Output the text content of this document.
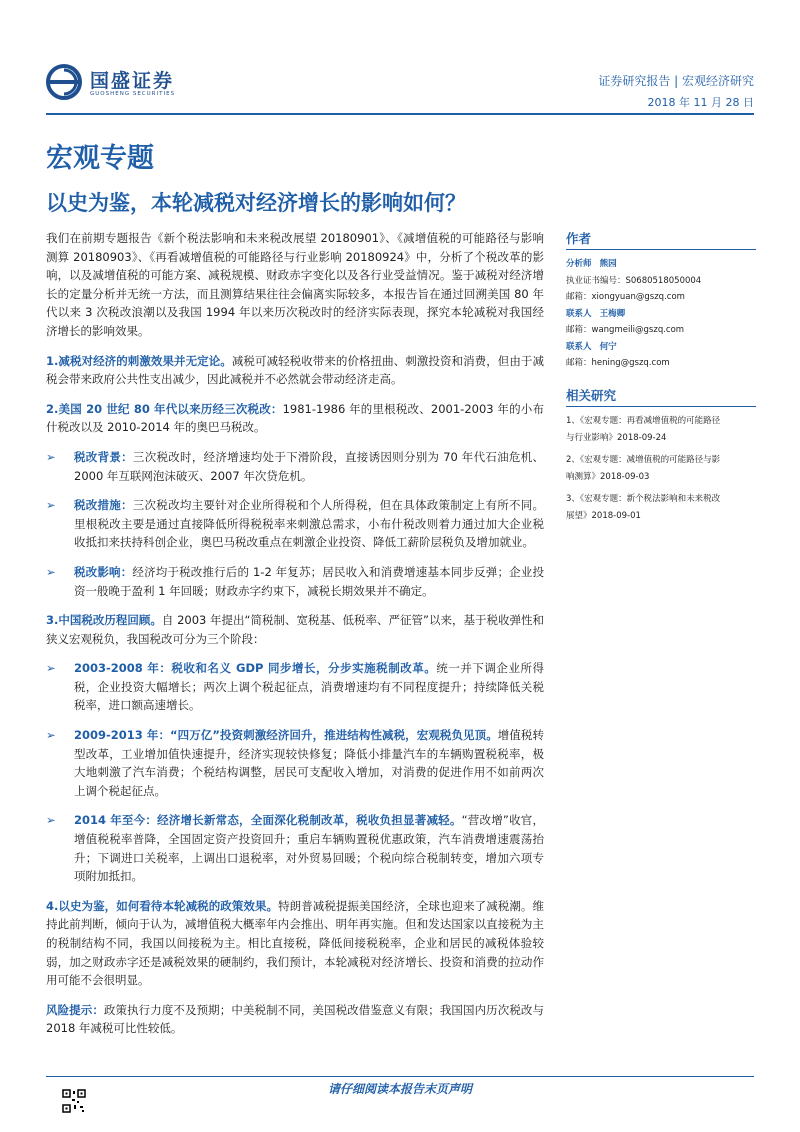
国盛证券
GUOSHENG SECURITIES
证券研究报告 | 宏观经济研究
2018 年 11 月 28 日
宏观专题
以史为鉴，本轮减税对经济增长的影响如何？

我们在前期专题报告《新个税法影响和未来税改展望 20180901》、《减增值税的可能路径与影响测算 20180903》、《再看减增值税的可能路径与行业影响 20180924》中，分析了个税改革的影响，以及减增值税的可能方案、减税规模、财政赤字变化以及各行业受益情况。鉴于减税对经济增长的定量分析并无统一方法，而且测算结果往往会偏离实际较多，本报告旨在通过回溯美国 80 年代以来 3 次税改浪潮以及我国 1994 年以来历次税改时的经济实际表现，探究本轮减税对我国经济增长的影响效果。

1.减税对经济的刺激效果并无定论。减税可减轻税收带来的价格扭曲、刺激投资和消费，但由于减税会带来政府公共性支出减少，因此减税并不必然就会带动经济走高。

2.美国 20 世纪 80 年代以来历经三次税改：1981-1986 年的里根税改、2001-2003 年的小布什税改以及 2010-2014 年的奥巴马税改。

➢ 税改背景：三次税改时，经济增速均处于下滑阶段，直接诱因则分别为 70 年代石油危机、2000 年互联网泡沫破灭、2007 年次贷危机。
➢ 税改措施：三次税改均主要针对企业所得税和个人所得税，但在具体政策制定上有所不同。里根税改主要是通过直接降低所得税税率来刺激总需求，小布什税改则着力通过加大企业税收抵扣来扶持科创企业，奥巴马税改重点在刺激企业投资、降低工薪阶层税负及增加就业。
➢ 税改影响：经济均于税改推行后的 1-2 年复苏；居民收入和消费增速基本同步反弹；企业投资一般晚于盈利 1 年回暖；财政赤字约束下，减税长期效果并不确定。

3.中国税改历程回顾。自 2003 年提出“简税制、宽税基、低税率、严征管”以来，基于税收弹性和狭义宏观税负，我国税改可分为三个阶段：

➢ 2003-2008 年：税收和名义 GDP 同步增长，分步实施税制改革。统一并下调企业所得税，企业投资大幅增长；两次上调个税起征点，消费增速均有不同程度提升；持续降低关税税率，进口额高速增长。
➢ 2009-2013 年：“四万亿”投资刺激经济回升，推进结构性减税，宏观税负见顶。增值税转型改革，工业增加值快速提升，经济实现较快修复；降低小排量汽车的车辆购置税税率，极大地刺激了汽车消费；个税结构调整，居民可支配收入增加，对消费的促进作用不如前两次上调个税起征点。
➢ 2014 年至今：经济增长新常态，全面深化税制改革，税收负担显著减轻。“营改增”收官，增值税税率普降，全国固定资产投资回升；重启车辆购置税优惠政策，汽车消费增速震荡抬升；下调进口关税率，上调出口退税率，对外贸易回暖；个税向综合税制转变，增加六项专项附加抵扣。

4.以史为鉴，如何看待本轮减税的政策效果。特朗普减税提振美国经济，全球也迎来了减税潮。维持此前判断，倾向于认为，减增值税大概率年内会推出、明年再实施。但和发达国家以直接税为主的税制结构不同，我国以间接税为主。相比直接税，降低间接税税率，企业和居民的减税体验较弱，加之财政赤字还是减税效果的硬制约，我们预计，本轮减税对经济增长、投资和消费的拉动作用可能不会很明显。

风险提示：政策执行力度不及预期；中美税制不同，美国税改借鉴意义有限；我国国内历次税改与 2018 年减税可比性较低。

作者
分析师 熊园
执业证书编号：S0680518050004
邮箱：xiongyuan@gszq.com
联系人 王梅卿
邮箱：wangmeili@gszq.com
联系人 何宁
邮箱：hening@gszq.com
相关研究
1、《宏观专题：再看减增值税的可能路径
与行业影响》2018-09-24
2、《宏观专题：减增值税的可能路径与影
响测算》2018-09-03
3、《宏观专题：新个税法影响和未来税改
展望》2018-09-01
请仔细阅读本报告末页声明
